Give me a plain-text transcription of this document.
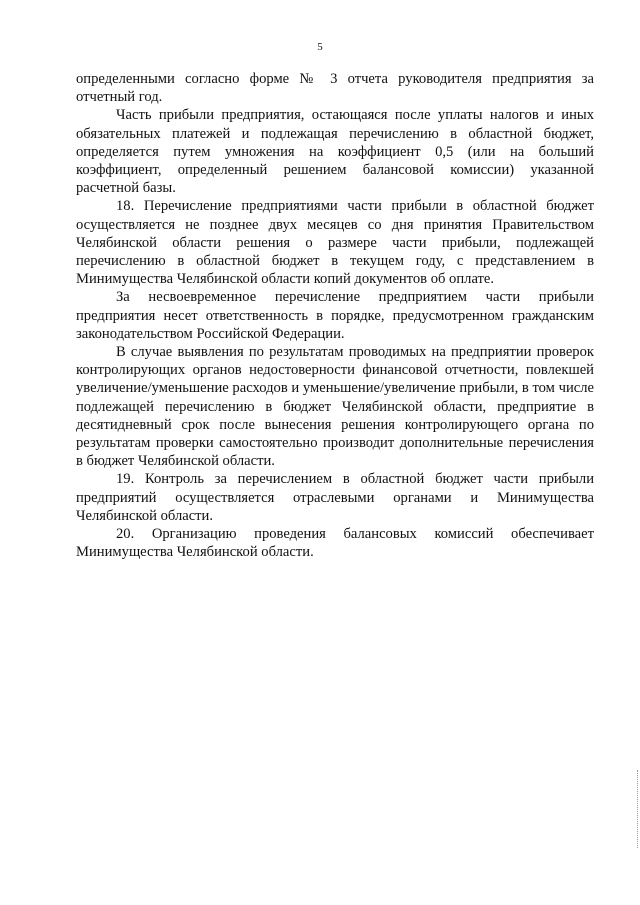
5

определенными согласно форме № 3 отчета руководителя предприятия за отчетный год.

Часть прибыли предприятия, остающаяся после уплаты налогов и иных обязательных платежей и подлежащая перечислению в областной бюджет, определяется путем умножения на коэффициент 0,5 (или на больший коэффициент, определенный решением балансовой комиссии) указанной расчетной базы.

18. Перечисление предприятиями части прибыли в областной бюджет осуществляется не позднее двух месяцев со дня принятия Правительством Челябинской области решения о размере части прибыли, подлежащей перечислению в областной бюджет в текущем году, с представлением в Минимущества Челябинской области копий документов об оплате.

За несвоевременное перечисление предприятием части прибыли предприятия несет ответственность в порядке, предусмотренном гражданским законодательством Российской Федерации.

В случае выявления по результатам проводимых на предприятии проверок контролирующих органов недостоверности финансовой отчетности, повлекшей увеличение/уменьшение расходов и уменьшение/увеличение прибыли, в том числе подлежащей перечислению в бюджет Челябинской области, предприятие в десятидневный срок после вынесения решения контролирующего органа по результатам проверки самостоятельно производит дополнительные перечисления в бюджет Челябинской области.

19. Контроль за перечислением в областной бюджет части прибыли предприятий осуществляется отраслевыми органами и Минимущества Челябинской области.

20. Организацию проведения балансовых комиссий обеспечивает Минимущества Челябинской области.
